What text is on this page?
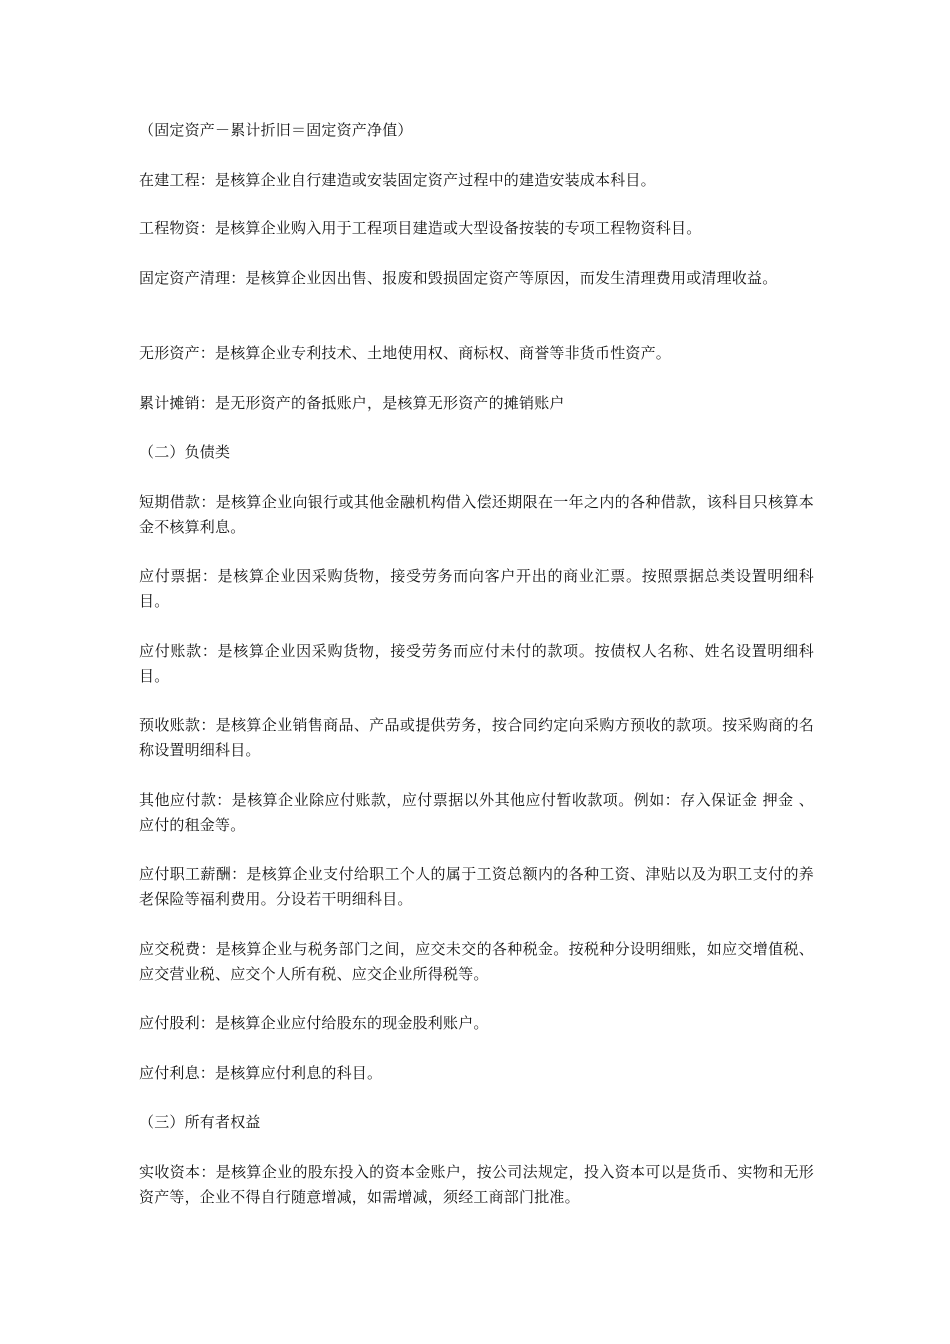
（固定资产－累计折旧＝固定资产净值）

在建工程：是核算企业自行建造或安装固定资产过程中的建造安装成本科目。

工程物资：是核算企业购入用于工程项目建造或大型设备按装的专项工程物资科目。

固定资产清理：是核算企业因出售、报废和毁损固定资产等原因，而发生清理费用或清理收益。

无形资产：是核算企业专利技术、土地使用权、商标权、商誉等非货币性资产。

累计摊销：是无形资产的备抵账户，是核算无形资产的摊销账户

（二）负债类

短期借款：是核算企业向银行或其他金融机构借入偿还期限在一年之内的各种借款，该科目只核算本金不核算利息。

应付票据：是核算企业因采购货物，接受劳务而向客户开出的商业汇票。按照票据总类设置明细科目。

应付账款：是核算企业因采购货物，接受劳务而应付未付的款项。按债权人名称、姓名设置明细科目。

预收账款：是核算企业销售商品、产品或提供劳务，按合同约定向采购方预收的款项。按采购商的名称设置明细科目。

其他应付款：是核算企业除应付账款，应付票据以外其他应付暂收款项。例如：存入保证金 押金 、应付的租金等。

应付职工薪酬：是核算企业支付给职工个人的属于工资总额内的各种工资、津贴以及为职工支付的养老保险等福利费用。分设若干明细科目。

应交税费：是核算企业与税务部门之间，应交未交的各种税金。按税种分设明细账，如应交增值税、应交营业税、应交个人所有税、应交企业所得税等。

应付股利：是核算企业应付给股东的现金股利账户。

应付利息：是核算应付利息的科目。

（三）所有者权益

实收资本：是核算企业的股东投入的资本金账户，按公司法规定，投入资本可以是货币、实物和无形资产等，企业不得自行随意增减，如需增减，须经工商部门批准。
